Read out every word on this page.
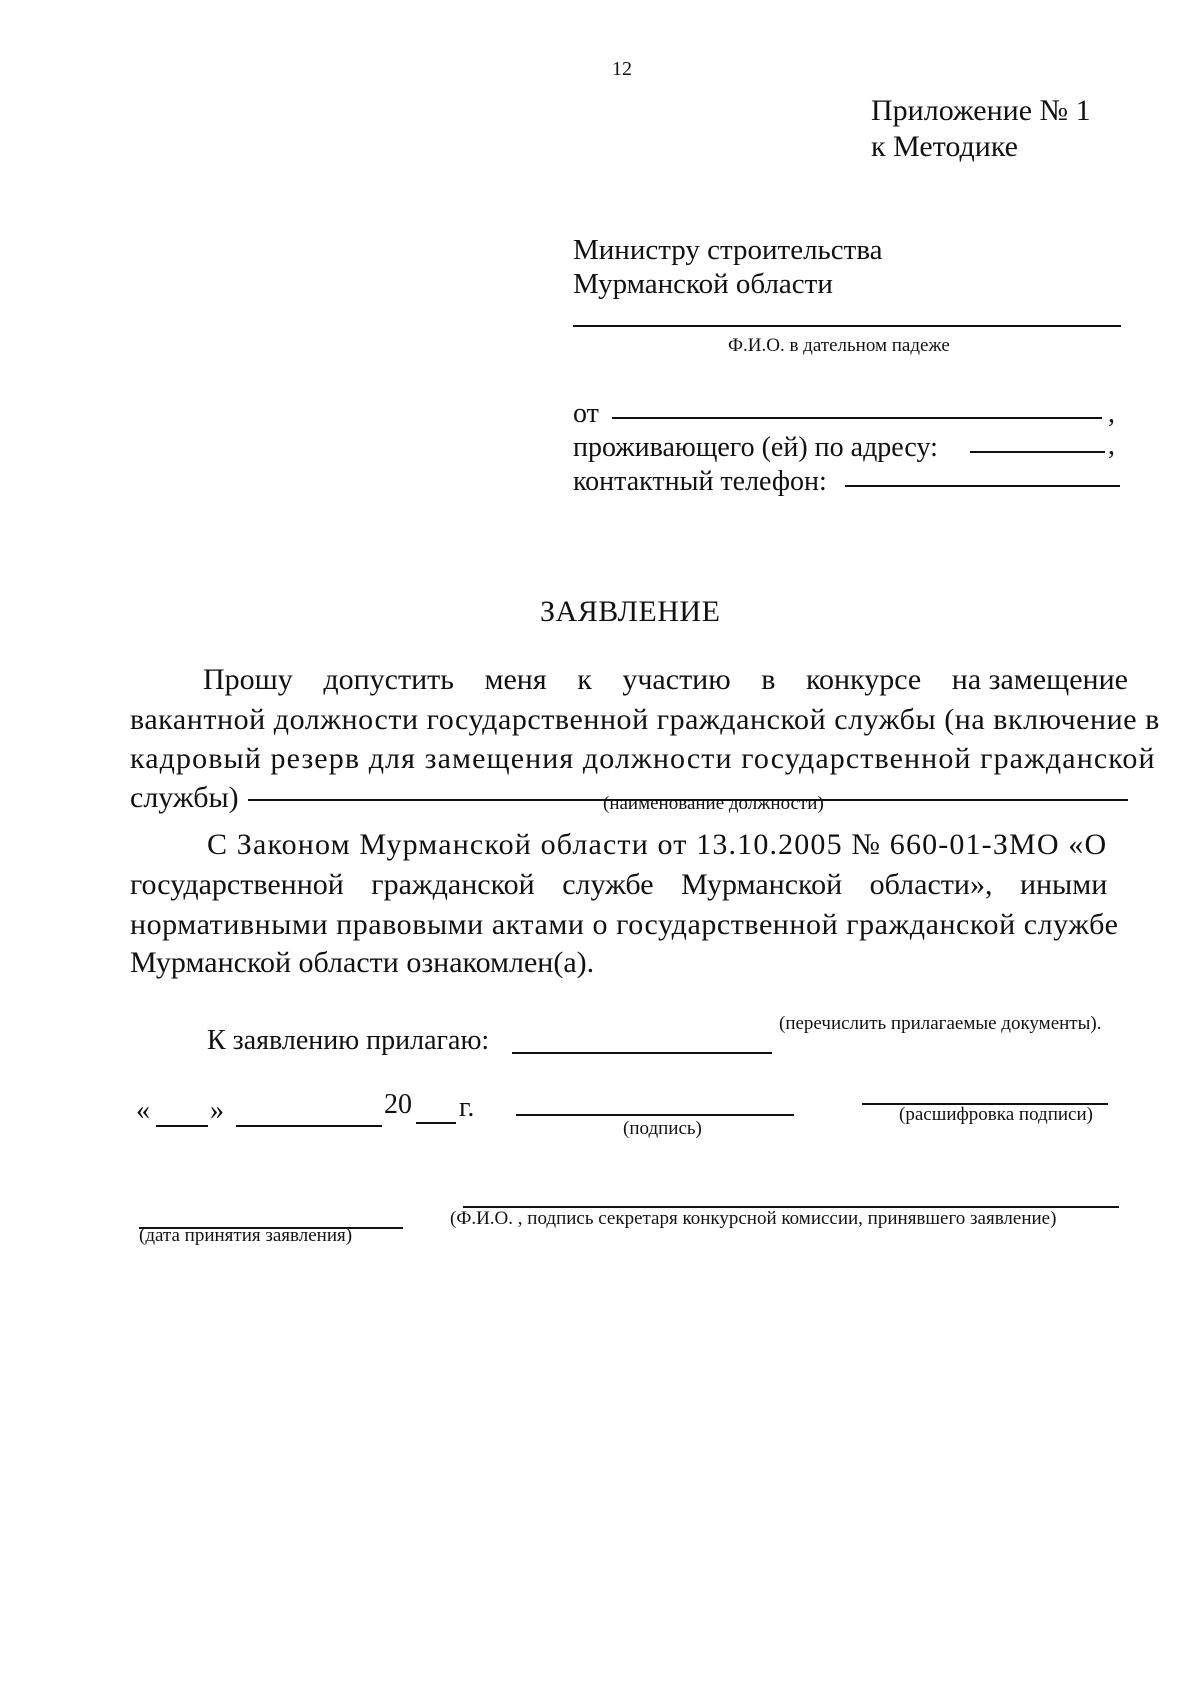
12
Приложение № 1
к Методике
Министру строительства
Мурманской области
Ф.И.О. в дательном падеже
от	,
проживающего (ей) по адресу:	,
контактный телефон:
ЗАЯВЛЕНИЕ
Прошу допустить меня к участию в конкурсе на замещение
вакантной должности государственной гражданской службы (на включение в
кадровый резерв для замещения должности государственной гражданской
службы)	(наименование должности)
С Законом Мурманской области от 13.10.2005 № 660-01-ЗМО «О
государственной гражданской службе Мурманской области», иными
нормативными правовыми актами о государственной гражданской службе
Мурманской области ознакомлен(а).
К заявлению прилагаю:
(перечислить прилагаемые документы).
« »	20 г.
(подпись)
(расшифровка подписи)
(дата принятия заявления)
(Ф.И.О. , подпись секретаря конкурсной комиссии, принявшего заявление)
